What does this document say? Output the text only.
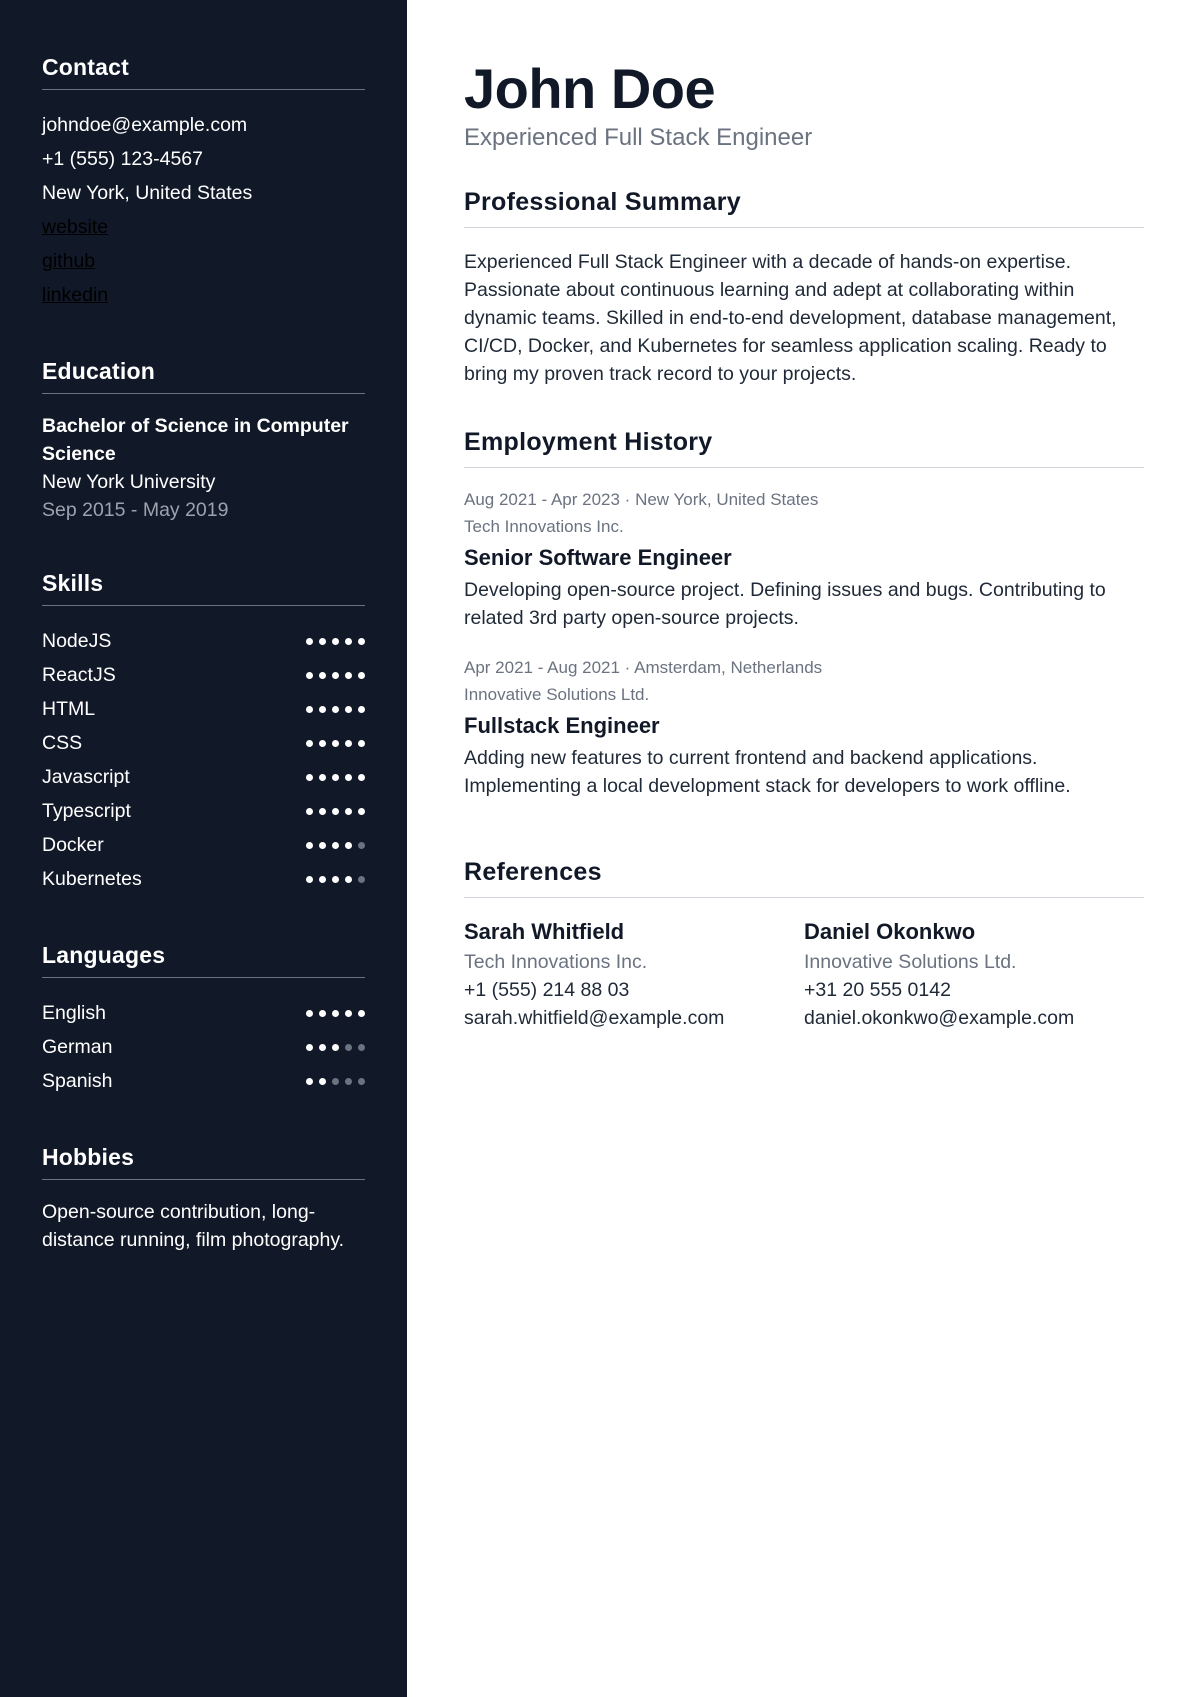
Contact
johndoe@example.com
+1 (555) 123-4567
New York, United States
website
github
linkedin
Education
Bachelor of Science in Computer Science
New York University
Sep 2015 - May 2019
Skills
NodeJS
ReactJS
HTML
CSS
Javascript
Typescript
Docker
Kubernetes
Languages
English
German
Spanish
Hobbies
Open-source contribution, long-distance running, film photography.
John Doe
Experienced Full Stack Engineer
Professional Summary
Experienced Full Stack Engineer with a decade of hands-on expertise. Passionate about continuous learning and adept at collaborating within dynamic teams. Skilled in end-to-end development, database management, CI/CD, Docker, and Kubernetes for seamless application scaling. Ready to bring my proven track record to your projects.
Employment History
Aug 2021 - Apr 2023 · New York, United States
Tech Innovations Inc.
Senior Software Engineer
Developing open-source project. Defining issues and bugs. Contributing to related 3rd party open-source projects.
Apr 2021 - Aug 2021 · Amsterdam, Netherlands
Innovative Solutions Ltd.
Fullstack Engineer
Adding new features to current frontend and backend applications. Implementing a local development stack for developers to work offline.
References
Sarah Whitfield
Tech Innovations Inc.
+1 (555) 214 88 03
sarah.whitfield@example.com
Daniel Okonkwo
Innovative Solutions Ltd.
+31 20 555 0142
daniel.okonkwo@example.com
